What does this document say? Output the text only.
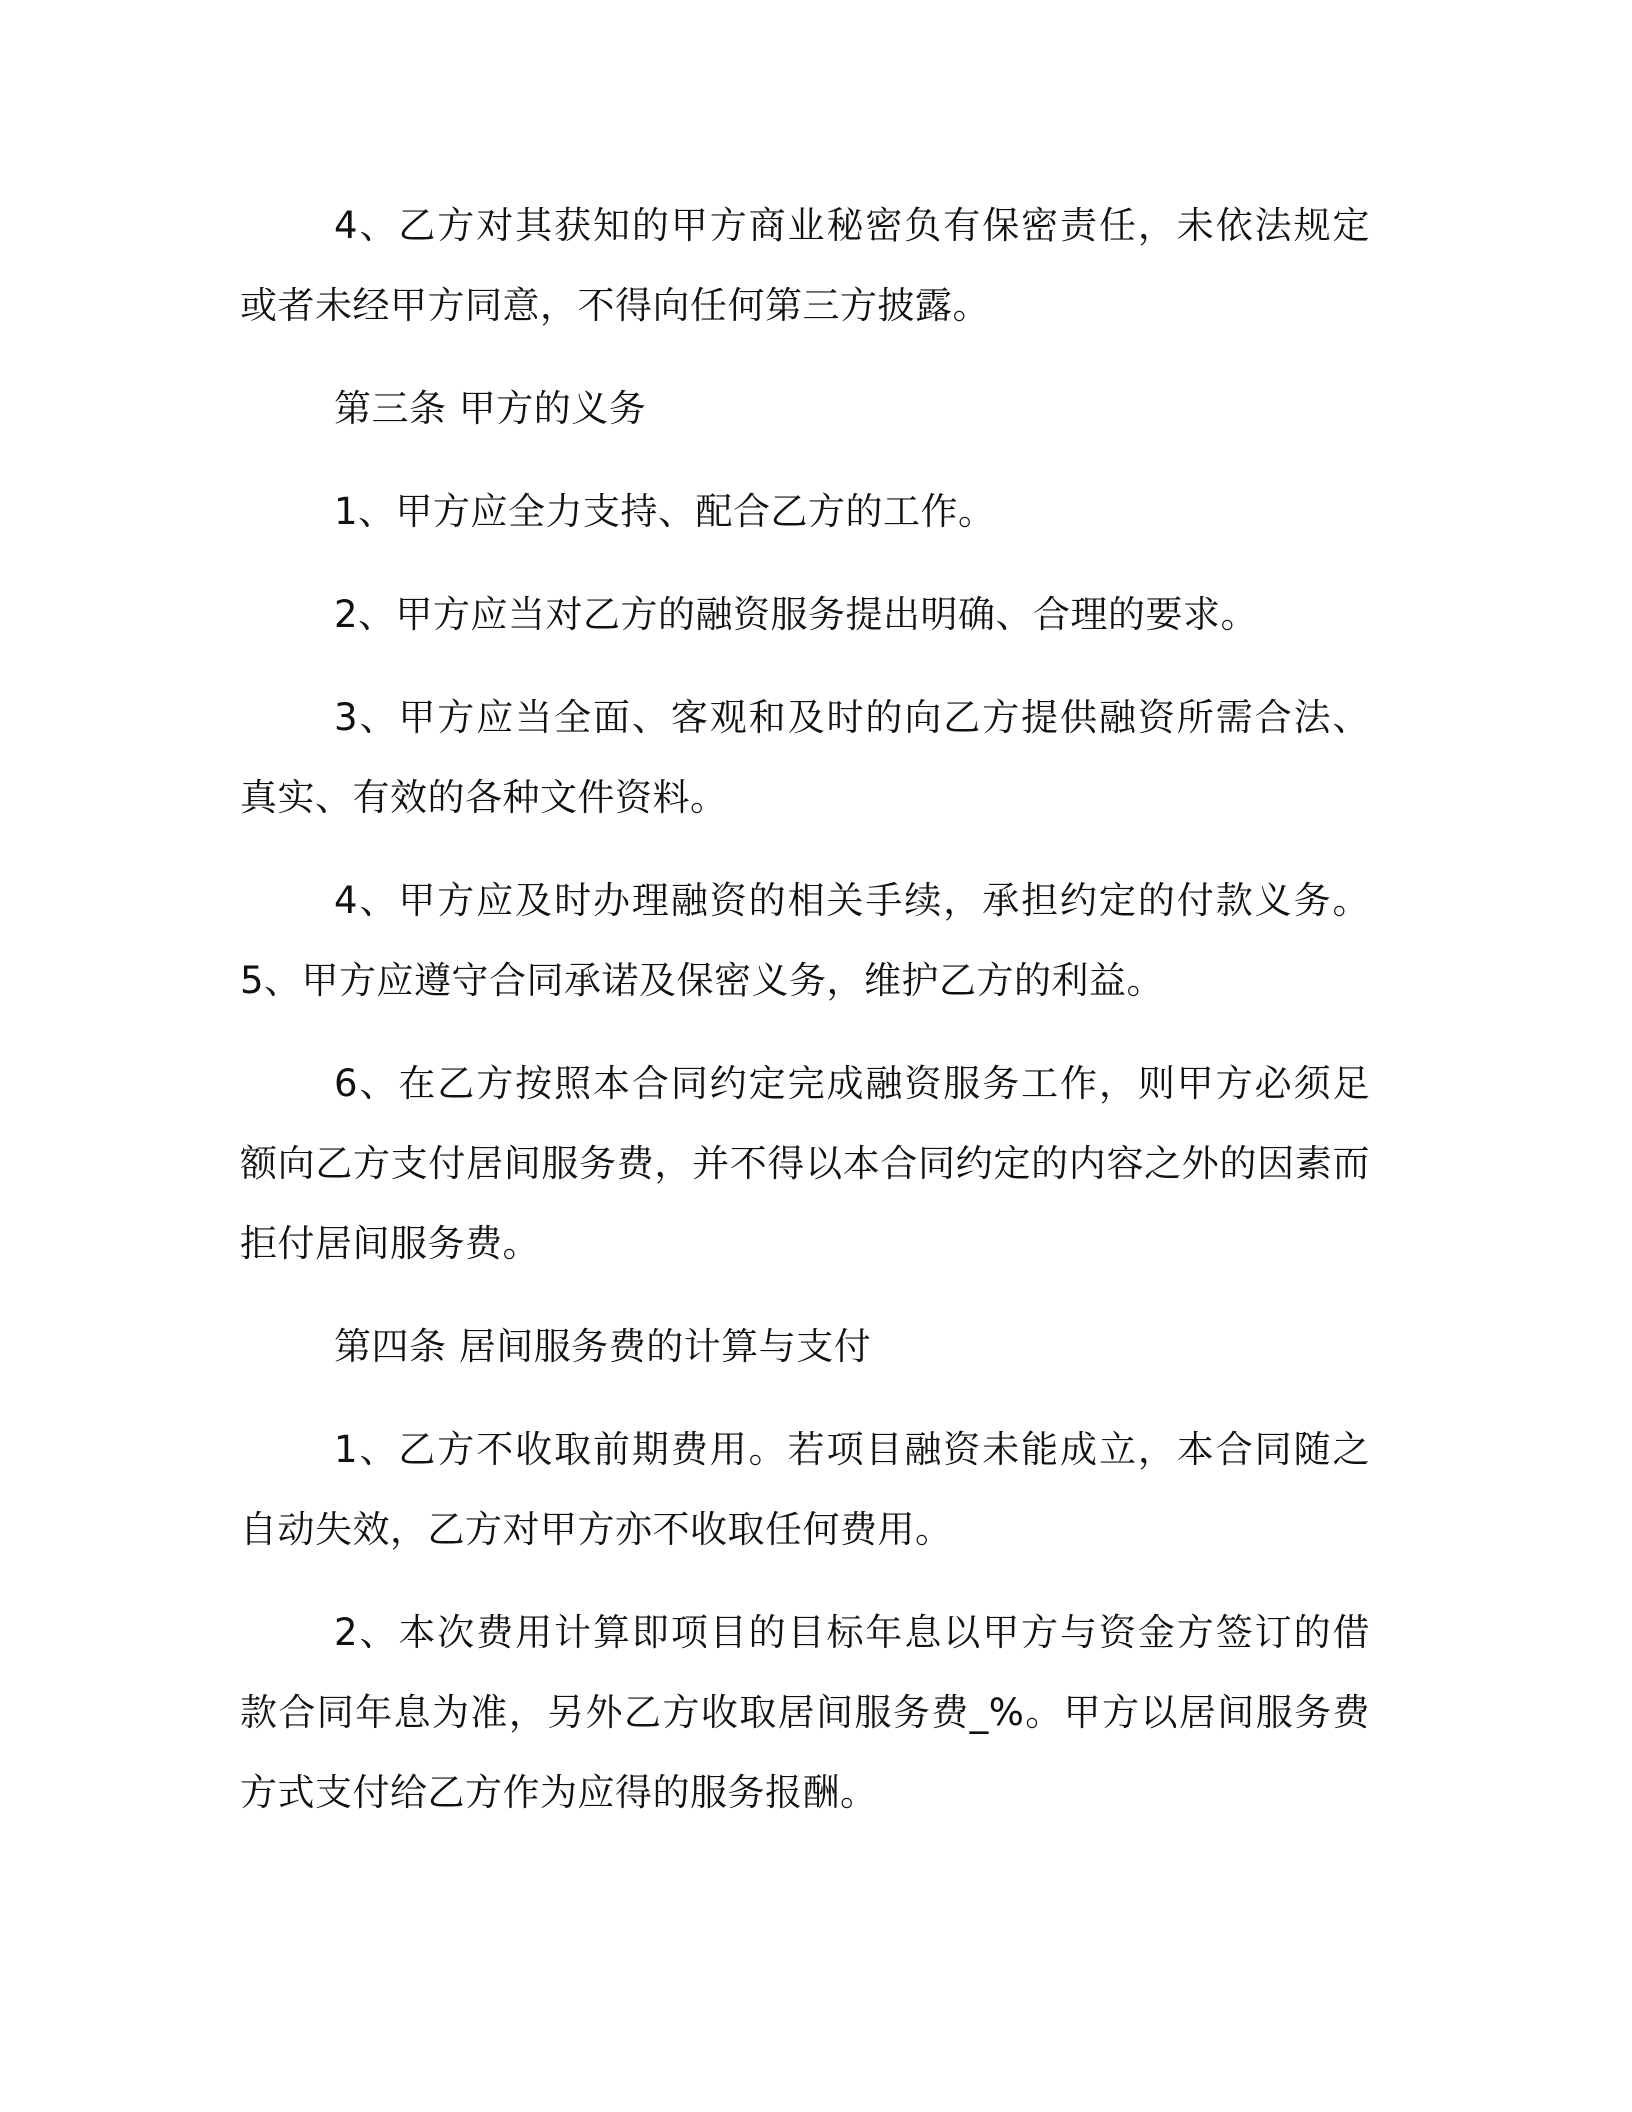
4、乙方对其获知的甲方商业秘密负有保密责任，未依法规定或者未经甲方同意，不得向任何第三方披露。

第三条 甲方的义务

1、甲方应全力支持、配合乙方的工作。

2、甲方应当对乙方的融资服务提出明确、合理的要求。

3、甲方应当全面、客观和及时的向乙方提供融资所需合法、真实、有效的各种文件资料。

4、甲方应及时办理融资的相关手续，承担约定的付款义务。 5、甲方应遵守合同承诺及保密义务，维护乙方的利益。

6、在乙方按照本合同约定完成融资服务工作，则甲方必须足额向乙方支付居间服务费，并不得以本合同约定的内容之外的因素而拒付居间服务费。

第四条 居间服务费的计算与支付

1、乙方不收取前期费用。若项目融资未能成立，本合同随之自动失效，乙方对甲方亦不收取任何费用。

2、本次费用计算即项目的目标年息以甲方与资金方签订的借款合同年息为准，另外乙方收取居间服务费_%。甲方以居间服务费方式支付给乙方作为应得的服务报酬。
